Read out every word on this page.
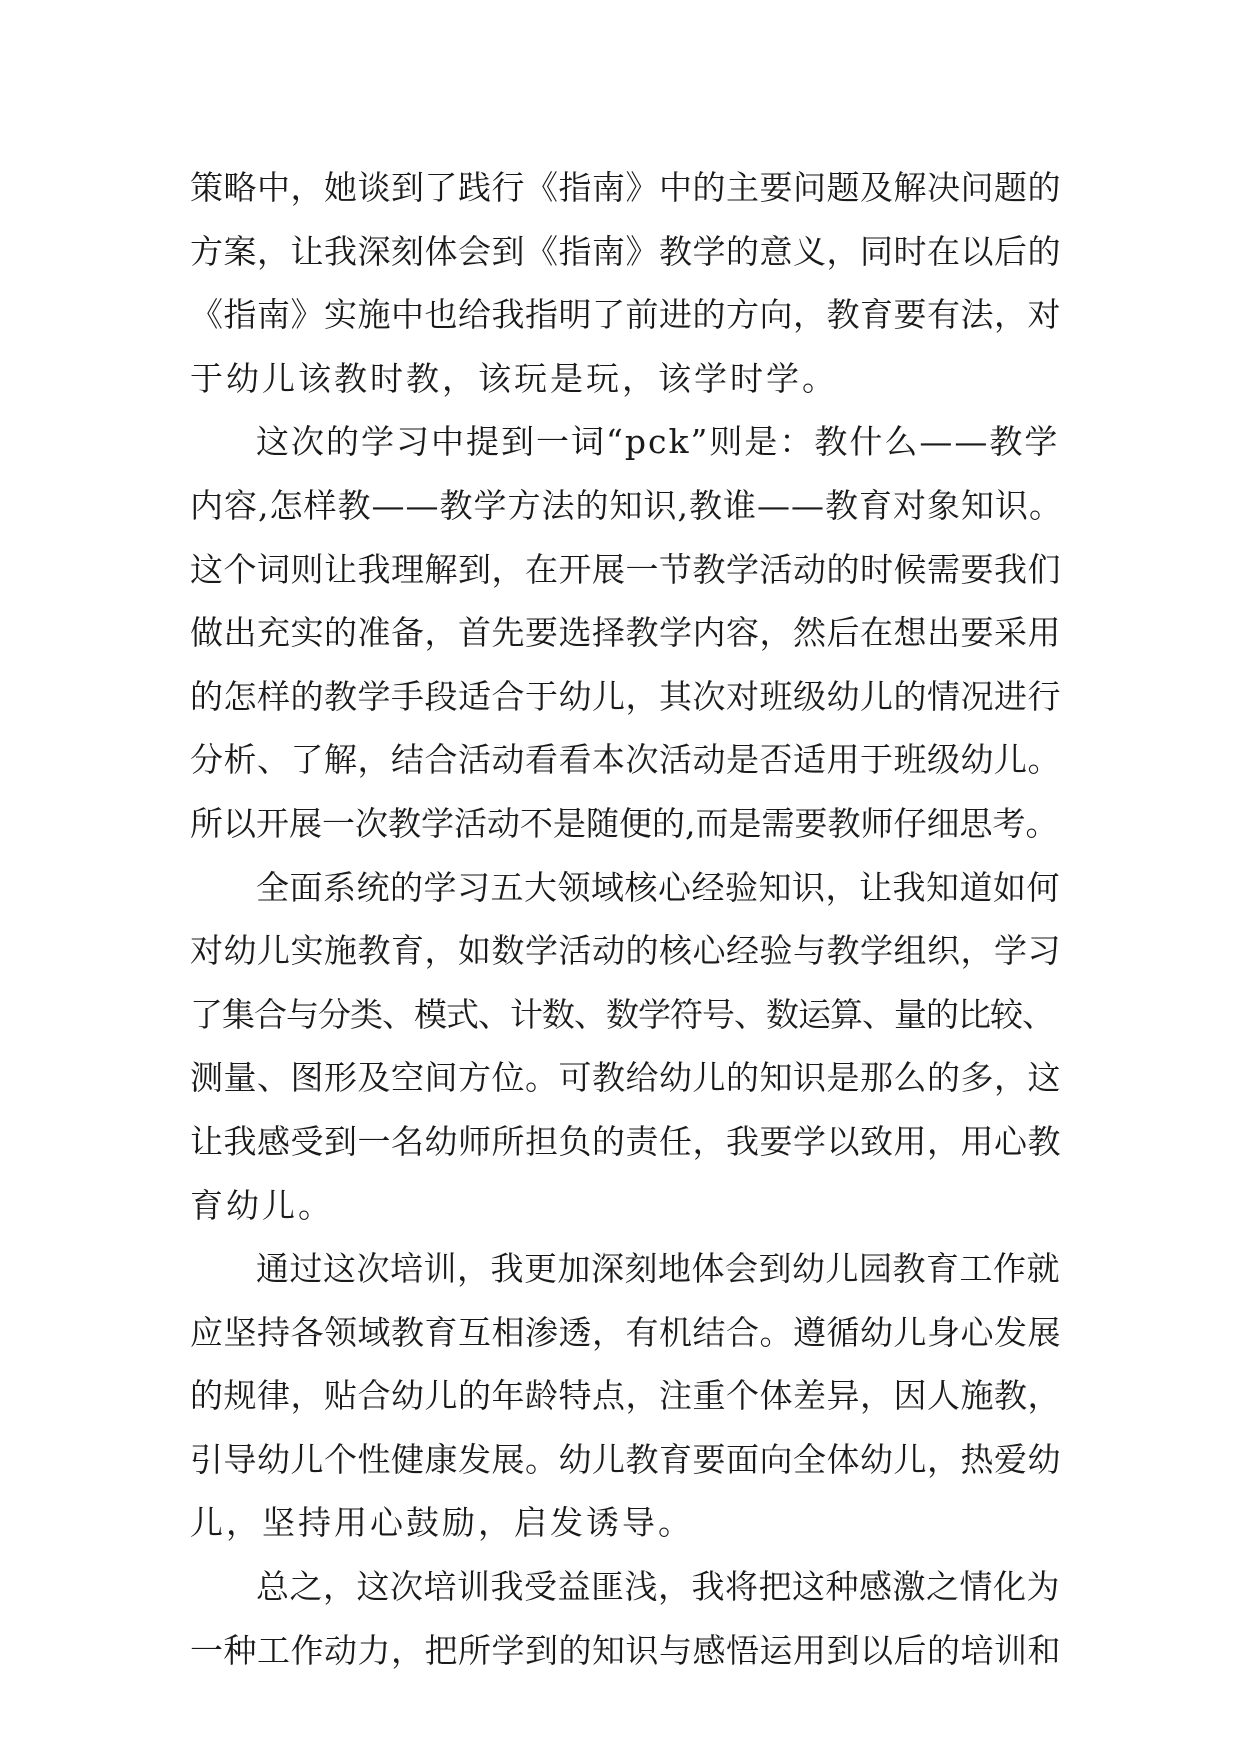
策略中，她谈到了践行《指南》中的主要问题及解决问题的
方案，让我深刻体会到《指南》教学的意义，同时在以后的
《指南》实施中也给我指明了前进的方向，教育要有法，对
于幼儿该教时教，该玩是玩，该学时学。
这次的学习中提到一词“pck”则是：教什么——教学
内容,怎样教——教学方法的知识,教谁——教育对象知识。
这个词则让我理解到，在开展一节教学活动的时候需要我们
做出充实的准备，首先要选择教学内容，然后在想出要采用
的怎样的教学手段适合于幼儿，其次对班级幼儿的情况进行
分析、了解，结合活动看看本次活动是否适用于班级幼儿。
所以开展一次教学活动不是随便的,而是需要教师仔细思考。
全面系统的学习五大领域核心经验知识，让我知道如何
对幼儿实施教育，如数学活动的核心经验与教学组织，学习
了集合与分类、模式、计数、数学符号、数运算、量的比较、
测量、图形及空间方位。可教给幼儿的知识是那么的多，这
让我感受到一名幼师所担负的责任，我要学以致用，用心教
育幼儿。
通过这次培训，我更加深刻地体会到幼儿园教育工作就
应坚持各领域教育互相渗透，有机结合。遵循幼儿身心发展
的规律，贴合幼儿的年龄特点，注重个体差异，因人施教，
引导幼儿个性健康发展。幼儿教育要面向全体幼儿，热爱幼
儿，坚持用心鼓励，启发诱导。
总之，这次培训我受益匪浅，我将把这种感激之情化为
一种工作动力，把所学到的知识与感悟运用到以后的培训和
